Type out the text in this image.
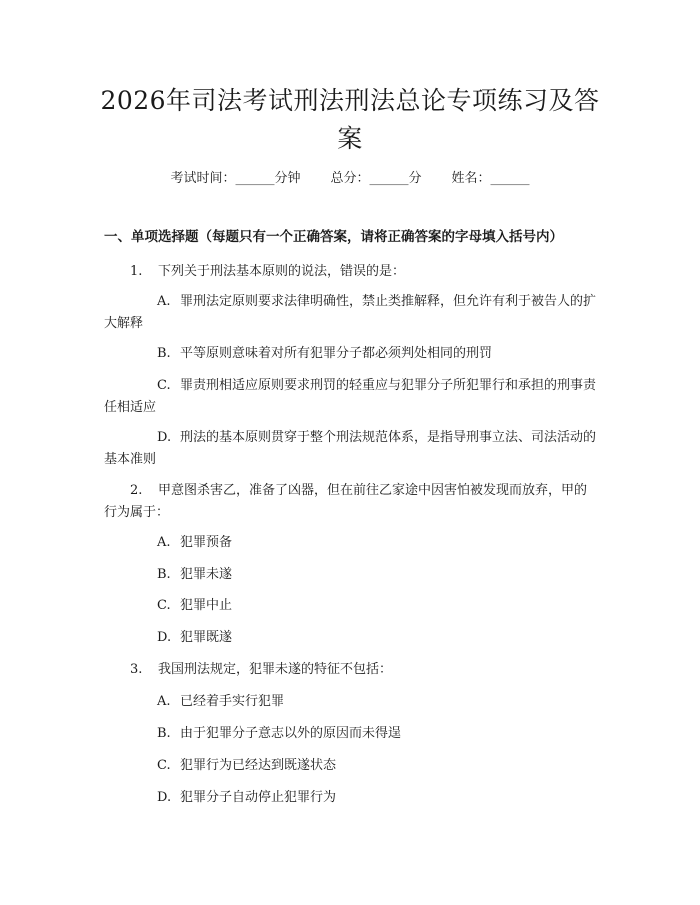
2026年司法考试刑法刑法总论专项练习及答案
考试时间：______分钟 总分：______分 姓名：______
一、单项选择题（每题只有一个正确答案，请将正确答案的字母填入括号内）
1. 下列关于刑法基本原则的说法，错误的是：
A. 罪刑法定原则要求法律明确性，禁止类推解释，但允许有利于被告人的扩大解释
B. 平等原则意味着对所有犯罪分子都必须判处相同的刑罚
C. 罪责刑相适应原则要求刑罚的轻重应与犯罪分子所犯罪行和承担的刑事责任相适应
D. 刑法的基本原则贯穿于整个刑法规范体系，是指导刑事立法、司法活动的基本准则
2. 甲意图杀害乙，准备了凶器，但在前往乙家途中因害怕被发现而放弃，甲的行为属于：
A. 犯罪预备
B. 犯罪未遂
C. 犯罪中止
D. 犯罪既遂
3. 我国刑法规定，犯罪未遂的特征不包括：
A. 已经着手实行犯罪
B. 由于犯罪分子意志以外的原因而未得逞
C. 犯罪行为已经达到既遂状态
D. 犯罪分子自动停止犯罪行为
